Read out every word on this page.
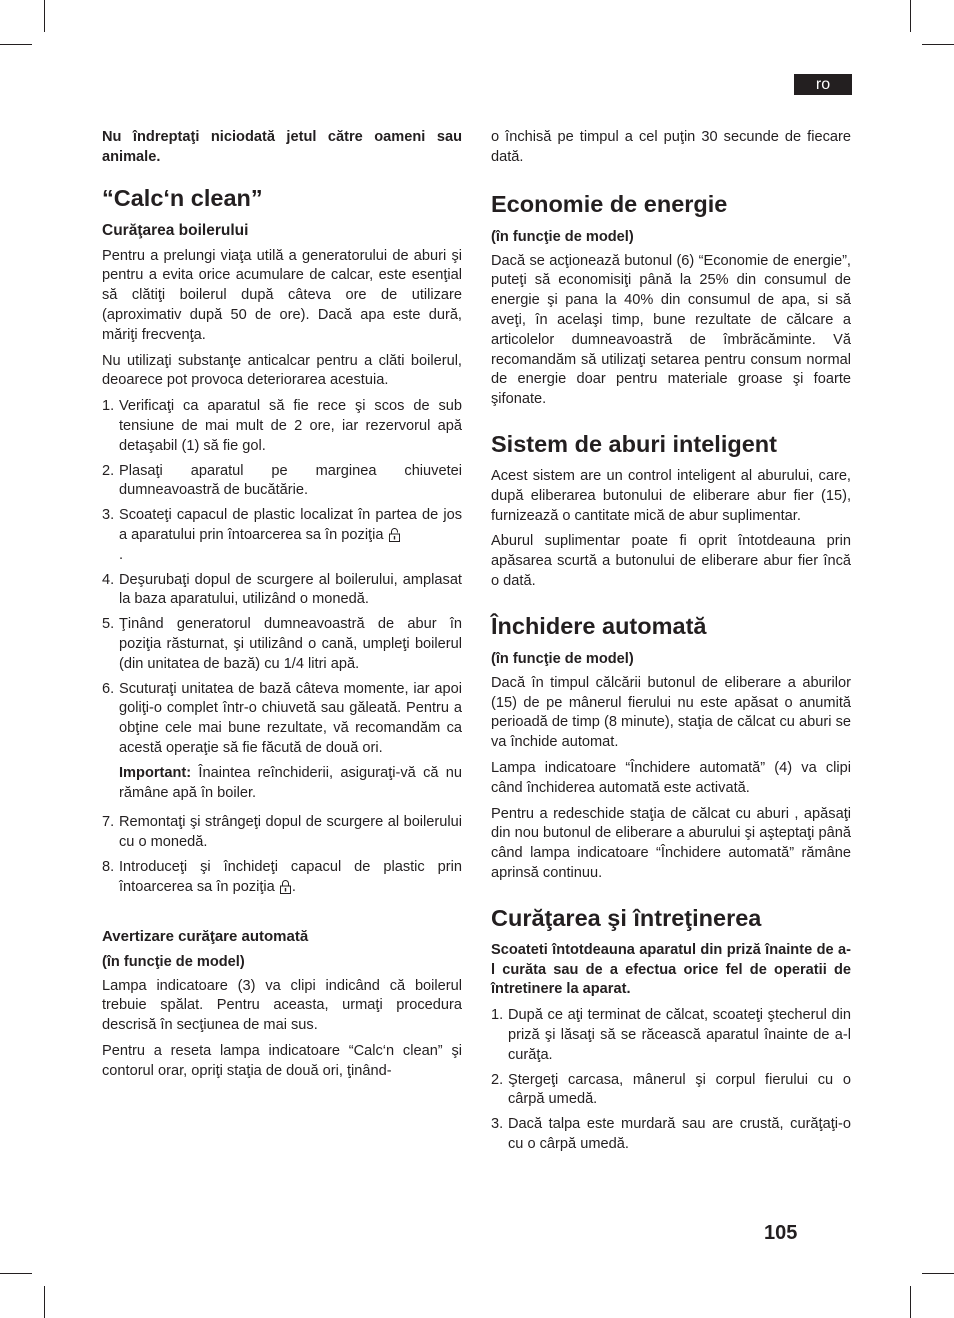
ro

Nu îndreptaţi niciodată jetul către oameni sau animale.

“Calc‘n clean”
Curăţarea boilerului

Pentru a prelungi viaţa utilă a generatorului de aburi şi pentru a evita orice acumulare de calcar, este esenţial să clătiţi boilerul după câteva ore de utilizare (aproximativ după 50 de ore). Dacă apa este dură, măriţi frecvenţa.

Nu utilizaţi substanţe anticalcar pentru a clăti boilerul, deoarece pot provoca deteriorarea acestuia.

1. Verificaţi ca aparatul să fie rece şi scos de sub tensiune de mai mult de 2 ore, iar rezervorul apă detaşabil (1) să fie gol.
2. Plasaţi aparatul pe marginea chiuvetei dumneavoastră de bucătărie.
3. Scoateţi capacul de plastic localizat în partea de jos a aparatului prin întoarcerea sa în poziţia
.
4. Deşurubaţi dopul de scurgere al boilerului, amplasat la baza aparatului, utilizând o monedă.
5. Ţinând generatorul dumneavoastră de abur în poziţia răsturnat, şi utilizând o cană, umpleţi boilerul (din unitatea de bază) cu 1/4 litri apă.
6. Scuturaţi unitatea de bază câteva momente, iar apoi goliţi-o complet într-o chiuvetă sau găleată. Pentru a obţine cele mai bune rezultate, vă recomandăm ca acestă operaţie să fie făcută de două ori.

Important: Înaintea reînchiderii, asiguraţi-vă că nu rămâne apă în boiler.

7. Remontaţi şi strângeţi dopul de scurgere al boilerului cu o monedă.
8. Introduceţi şi închideţi capacul de plastic prin întoarcerea sa în poziţia .
Avertizare curăţare automată
(în funcţie de model)

Lampa indicatoare (3) va clipi indicând că boilerul trebuie spălat. Pentru aceasta, urmaţi procedura descrisă în secţiunea de mai sus.

Pentru a reseta lampa indicatoare “Calc‘n clean” şi contorul orar, opriţi staţia de două ori, ţinând-

o închisă pe timpul a cel puţin 30 secunde de fiecare dată.

Economie de energie
(în funcţie de model)

Dacă se acţionează butonul (6) “Economie de energie”, puteţi să economisiţi până la 25% din consumul de energie şi pana la 40% din consumul de apa, si să aveţi, în acelaşi timp, bune rezultate de călcare a articolelor dumneavoastră de îmbrăcăminte. Vă recomandăm să utilizaţi setarea pentru consum normal de energie doar pentru materiale groase şi foarte şifonate.

Sistem de aburi inteligent

Acest sistem are un control inteligent al aburului, care, după eliberarea butonului de eliberare abur fier (15), furnizează o cantitate mică de abur suplimentar.

Aburul suplimentar poate fi oprit întotdeauna prin apăsarea scurtă a butonului de eliberare abur fier încă o dată.

Închidere automată
(în funcţie de model)

Dacă în timpul călcării butonul de eliberare a aburilor (15) de pe mânerul fierului nu este apăsat o anumită perioadă de timp (8 minute), staţia de călcat cu aburi se va închide automat.

Lampa indicatoare “Închidere automată” (4) va clipi când închiderea automată este activată.

Pentru a redeschide staţia de călcat cu aburi , apăsaţi din nou butonul de eliberare a aburului şi aşteptaţi până când lampa indicatoare “Închidere automată” rămâne aprinsă continuu.

Curăţarea şi întreţinerea

Scoateti întotdeauna aparatul din priză înainte de a-l curăta sau de a efectua orice fel de operatii de întretinere la aparat.

1. După ce aţi terminat de călcat, scoateţi ştecherul din priză şi lăsaţi să se răcească aparatul înainte de a-l curăţa.
2. Ştergeţi carcasa, mânerul şi corpul fierului cu o cârpă umedă.
3. Dacă talpa este murdară sau are crustă, curăţaţi-o cu o cârpă umedă.
105
